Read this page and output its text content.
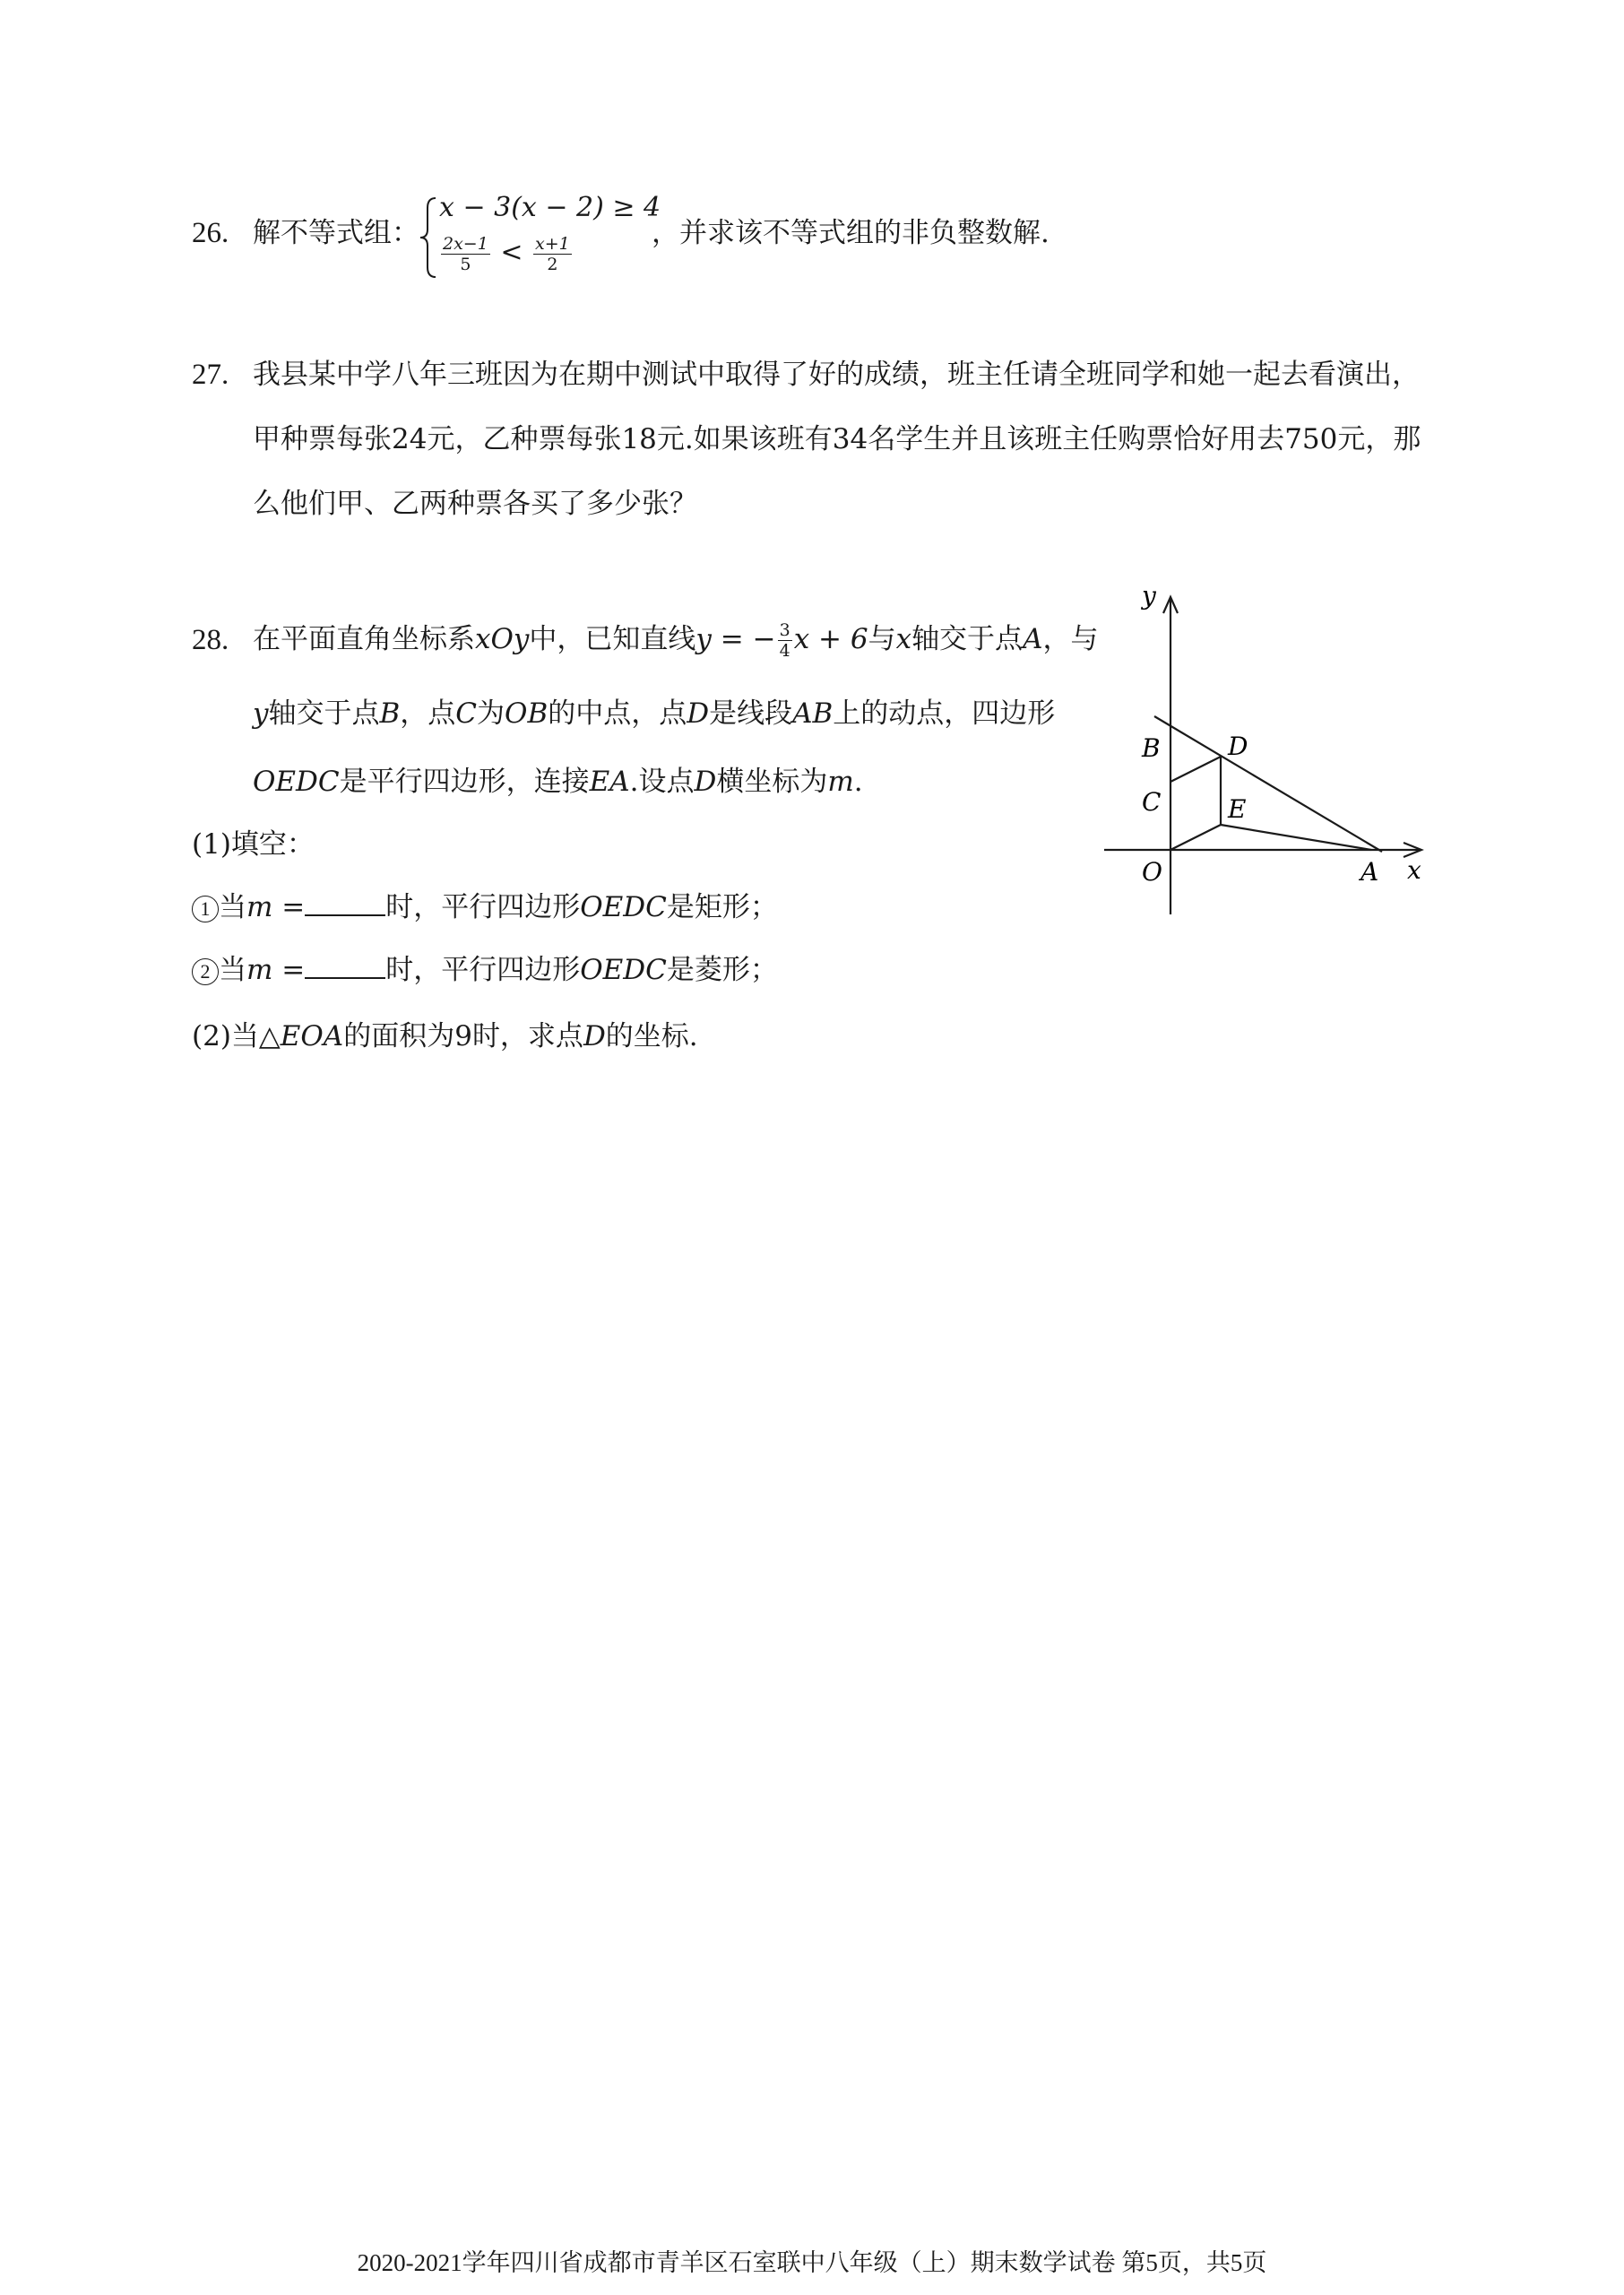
26. 解不等式组：
x − 3(x − 2) ≥ 4
$\frac{2x-1}{5} < \frac{x+1}{2}$
，并求该不等式组的非负整数解.
27. 我县某中学八年三班因为在期中测试中取得了好的成绩，班主任请全班同学和她一起去看演出，
甲种票每张24元，乙种票每张18元.如果该班有34名学生并且该班主任购票恰好用去750元，那
么他们甲、乙两种票各买了多少张？
28. 在平面直角坐标系xOy中，已知直线y = − $\frac{3}{4}$ x + 6与x轴交于点A，与
y轴交于点B，点C为OB的中点，点D是线段AB上的动点，四边形
OEDC是平行四边形，连接EA.设点D横坐标为m.
(1)填空：
1 当m =	时，平行四边形OEDC是矩形；
2 当m =	时，平行四边形OEDC是菱形；
(2)当△EOA的面积为9时，求点D的坐标.
y
x
O	A
B
C
D
E
2020-2021学年四川省成都市青羊区石室联中八年级（上）期末数学试卷 第5页，共5页
